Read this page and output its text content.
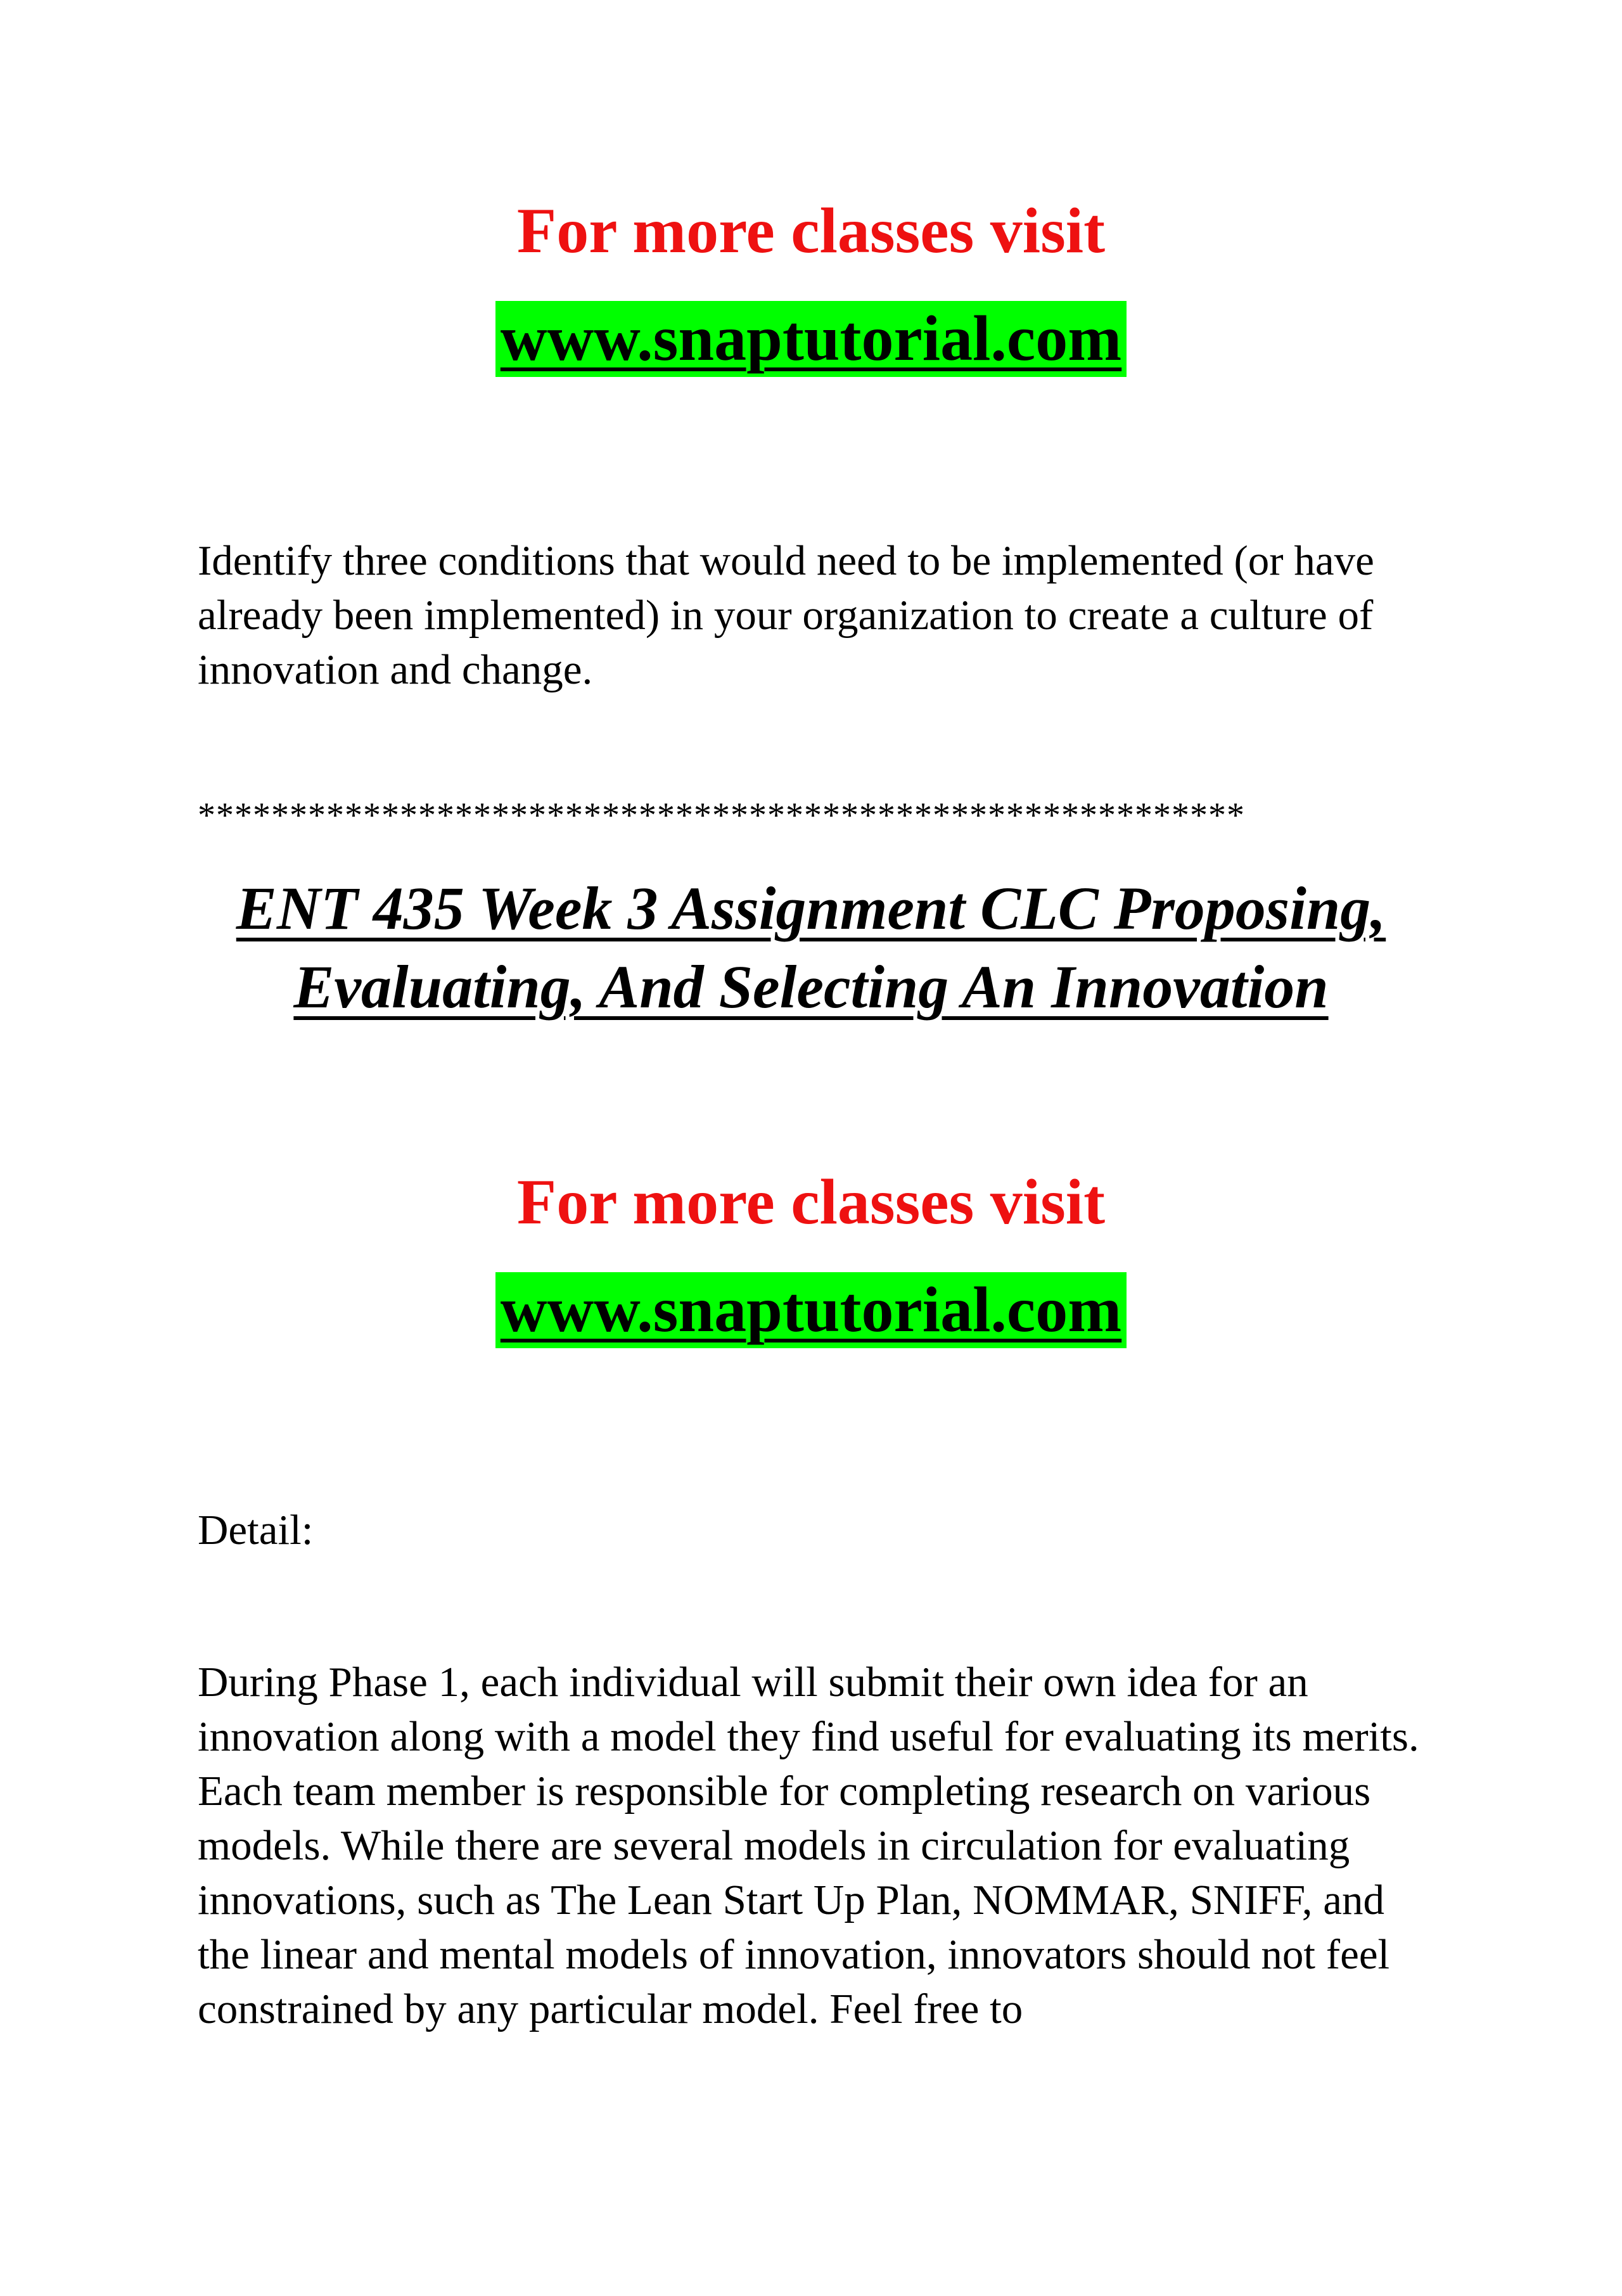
For more classes visit

www.snaptutorial.com

Identify three conditions that would need to be implemented (or have already been implemented) in your organization to create a culture of innovation and change.

*********************************************************

ENT 435 Week 3 Assignment CLC Proposing,
Evaluating, And Selecting An Innovation

For more classes visit

www.snaptutorial.com

Detail:

During Phase 1, each individual will submit their own idea for an innovation along with a model they find useful for evaluating its merits. Each team member is responsible for completing research on various models. While there are several models in circulation for evaluating innovations, such as The Lean Start Up Plan, NOMMAR, SNIFF, and the linear and mental models of innovation, innovators should not feel constrained by any particular model. Feel free to
